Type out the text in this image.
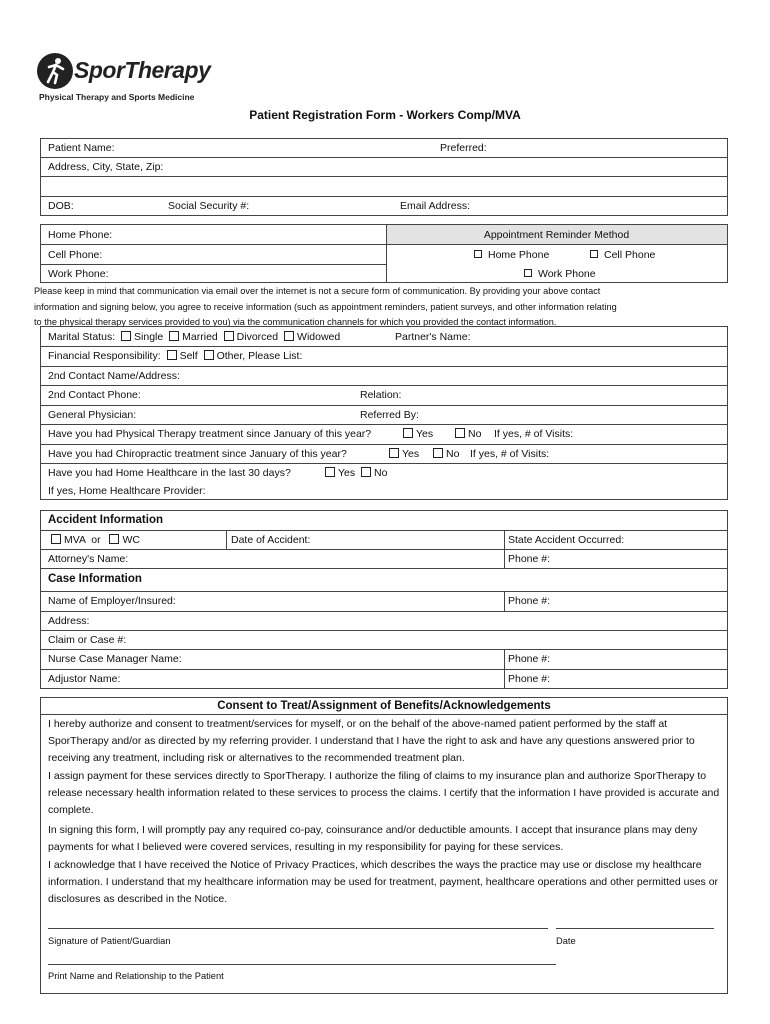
SporTherapy
Physical Therapy and Sports Medicine
Patient Registration Form - Workers Comp/MVA
Patient Name:	Preferred:
Address, City, State, Zip:
DOB:	Social Security #:	Email Address:
Home Phone:
Cell Phone:
Work Phone:
Appointment Reminder Method
Home Phone	Cell Phone
Work Phone
Please keep in mind that communication via email over the internet is not a secure form of communication. By providing your above contact
information and signing below, you agree to receive information (such as appointment reminders, patient surveys, and other information relating
to the physical therapy services provided to you) via the communication channels for which you provided the contact information.
Marital Status: Single Married Divorced Widowed	Partner's Name:
Financial Responsibility: Self Other, Please List:
2nd Contact Name/Address:
2nd Contact Phone:	Relation:
General Physician:	Referred By:
Have you had Physical Therapy treatment since January of this year?	Yes	No If yes, # of Visits:
Have you had Chiropractic treatment since January of this year?	Yes	No If yes, # of Visits:
Have you had Home Healthcare in the last 30 days?	Yes	No
If yes, Home Healthcare Provider:
Accident Information
MVA or WC	Date of Accident:	State Accident Occurred:
Attorney's Name:	Phone #:
Case Information
Name of Employer/Insured:	Phone #:
Address:
Claim or Case #:
Nurse Case Manager Name:	Phone #:
Adjustor Name:	Phone #:
Consent to Treat/Assignment of Benefits/Acknowledgements
I hereby authorize and consent to treatment/services for myself, or on the behalf of the above-named patient performed by the staff at SporTherapy and/or as directed by my referring provider. I understand that I have the right to ask and have any questions answered prior to receiving any treatment, including risk or alternatives to the recommended treatment plan.
I assign payment for these services directly to SporTherapy. I authorize the filing of claims to my insurance plan and authorize SporTherapy to release necessary health information related to these services to process the claims. I certify that the information I have provided is accurate and complete.
In signing this form, I will promptly pay any required co-pay, coinsurance and/or deductible amounts. I accept that insurance plans may deny payments for what I believed were covered services, resulting in my responsibility for paying for these services.
I acknowledge that I have received the Notice of Privacy Practices, which describes the ways the practice may use or disclose my healthcare information. I understand that my healthcare information may be used for treatment, payment, healthcare operations and other permitted uses or disclosures as described in the Notice.
Signature of Patient/Guardian	Date
Print Name and Relationship to the Patient
